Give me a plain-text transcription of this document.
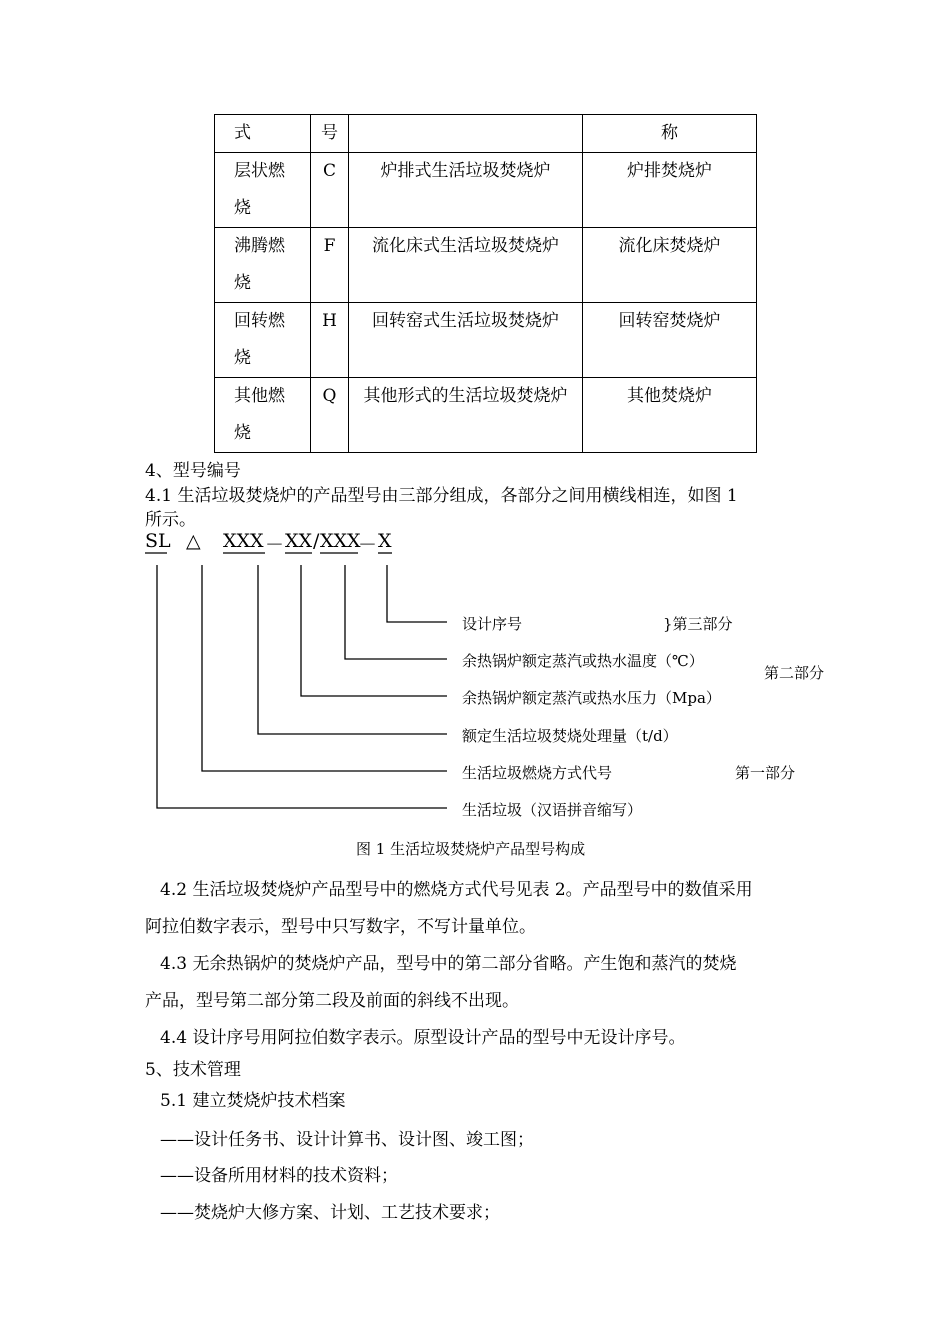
式	号		称

层状燃烧	C	炉排式生活垃圾焚烧炉	炉排焚烧炉

沸腾燃烧	F	流化床式生活垃圾焚烧炉	流化床焚烧炉

回转燃烧	H	回转窑式生活垃圾焚烧炉	回转窑焚烧炉

其他燃烧	Q	其他形式的生活垃圾焚烧炉	其他焚烧炉
4、型号编号
4.1 生活垃圾焚烧炉的产品型号由三部分组成，各部分之间用横线相连，如图 1
所示。
SL △ XXX － XX / XXX
－ X
设计序号	}第三部分
余热锅炉额定蒸汽或热水温度（℃）
第二部分
余热锅炉额定蒸汽或热水压力（Mpa）
额定生活垃圾焚烧处理量（t/d）
生活垃圾燃烧方式代号	第一部分
生活垃圾（汉语拼音缩写）
图 1 生活垃圾焚烧炉产品型号构成
4.2 生活垃圾焚烧炉产品型号中的燃烧方式代号见表 2。产品型号中的数值采用
阿拉伯数字表示，型号中只写数字，不写计量单位。
4.3 无余热锅炉的焚烧炉产品，型号中的第二部分省略。产生饱和蒸汽的焚烧
产品，型号第二部分第二段及前面的斜线不出现。
4.4 设计序号用阿拉伯数字表示。原型设计产品的型号中无设计序号。
5、技术管理
5.1 建立焚烧炉技术档案
——设计任务书、设计计算书、设计图、竣工图；
——设备所用材料的技术资料；
——焚烧炉大修方案、计划、工艺技术要求；
